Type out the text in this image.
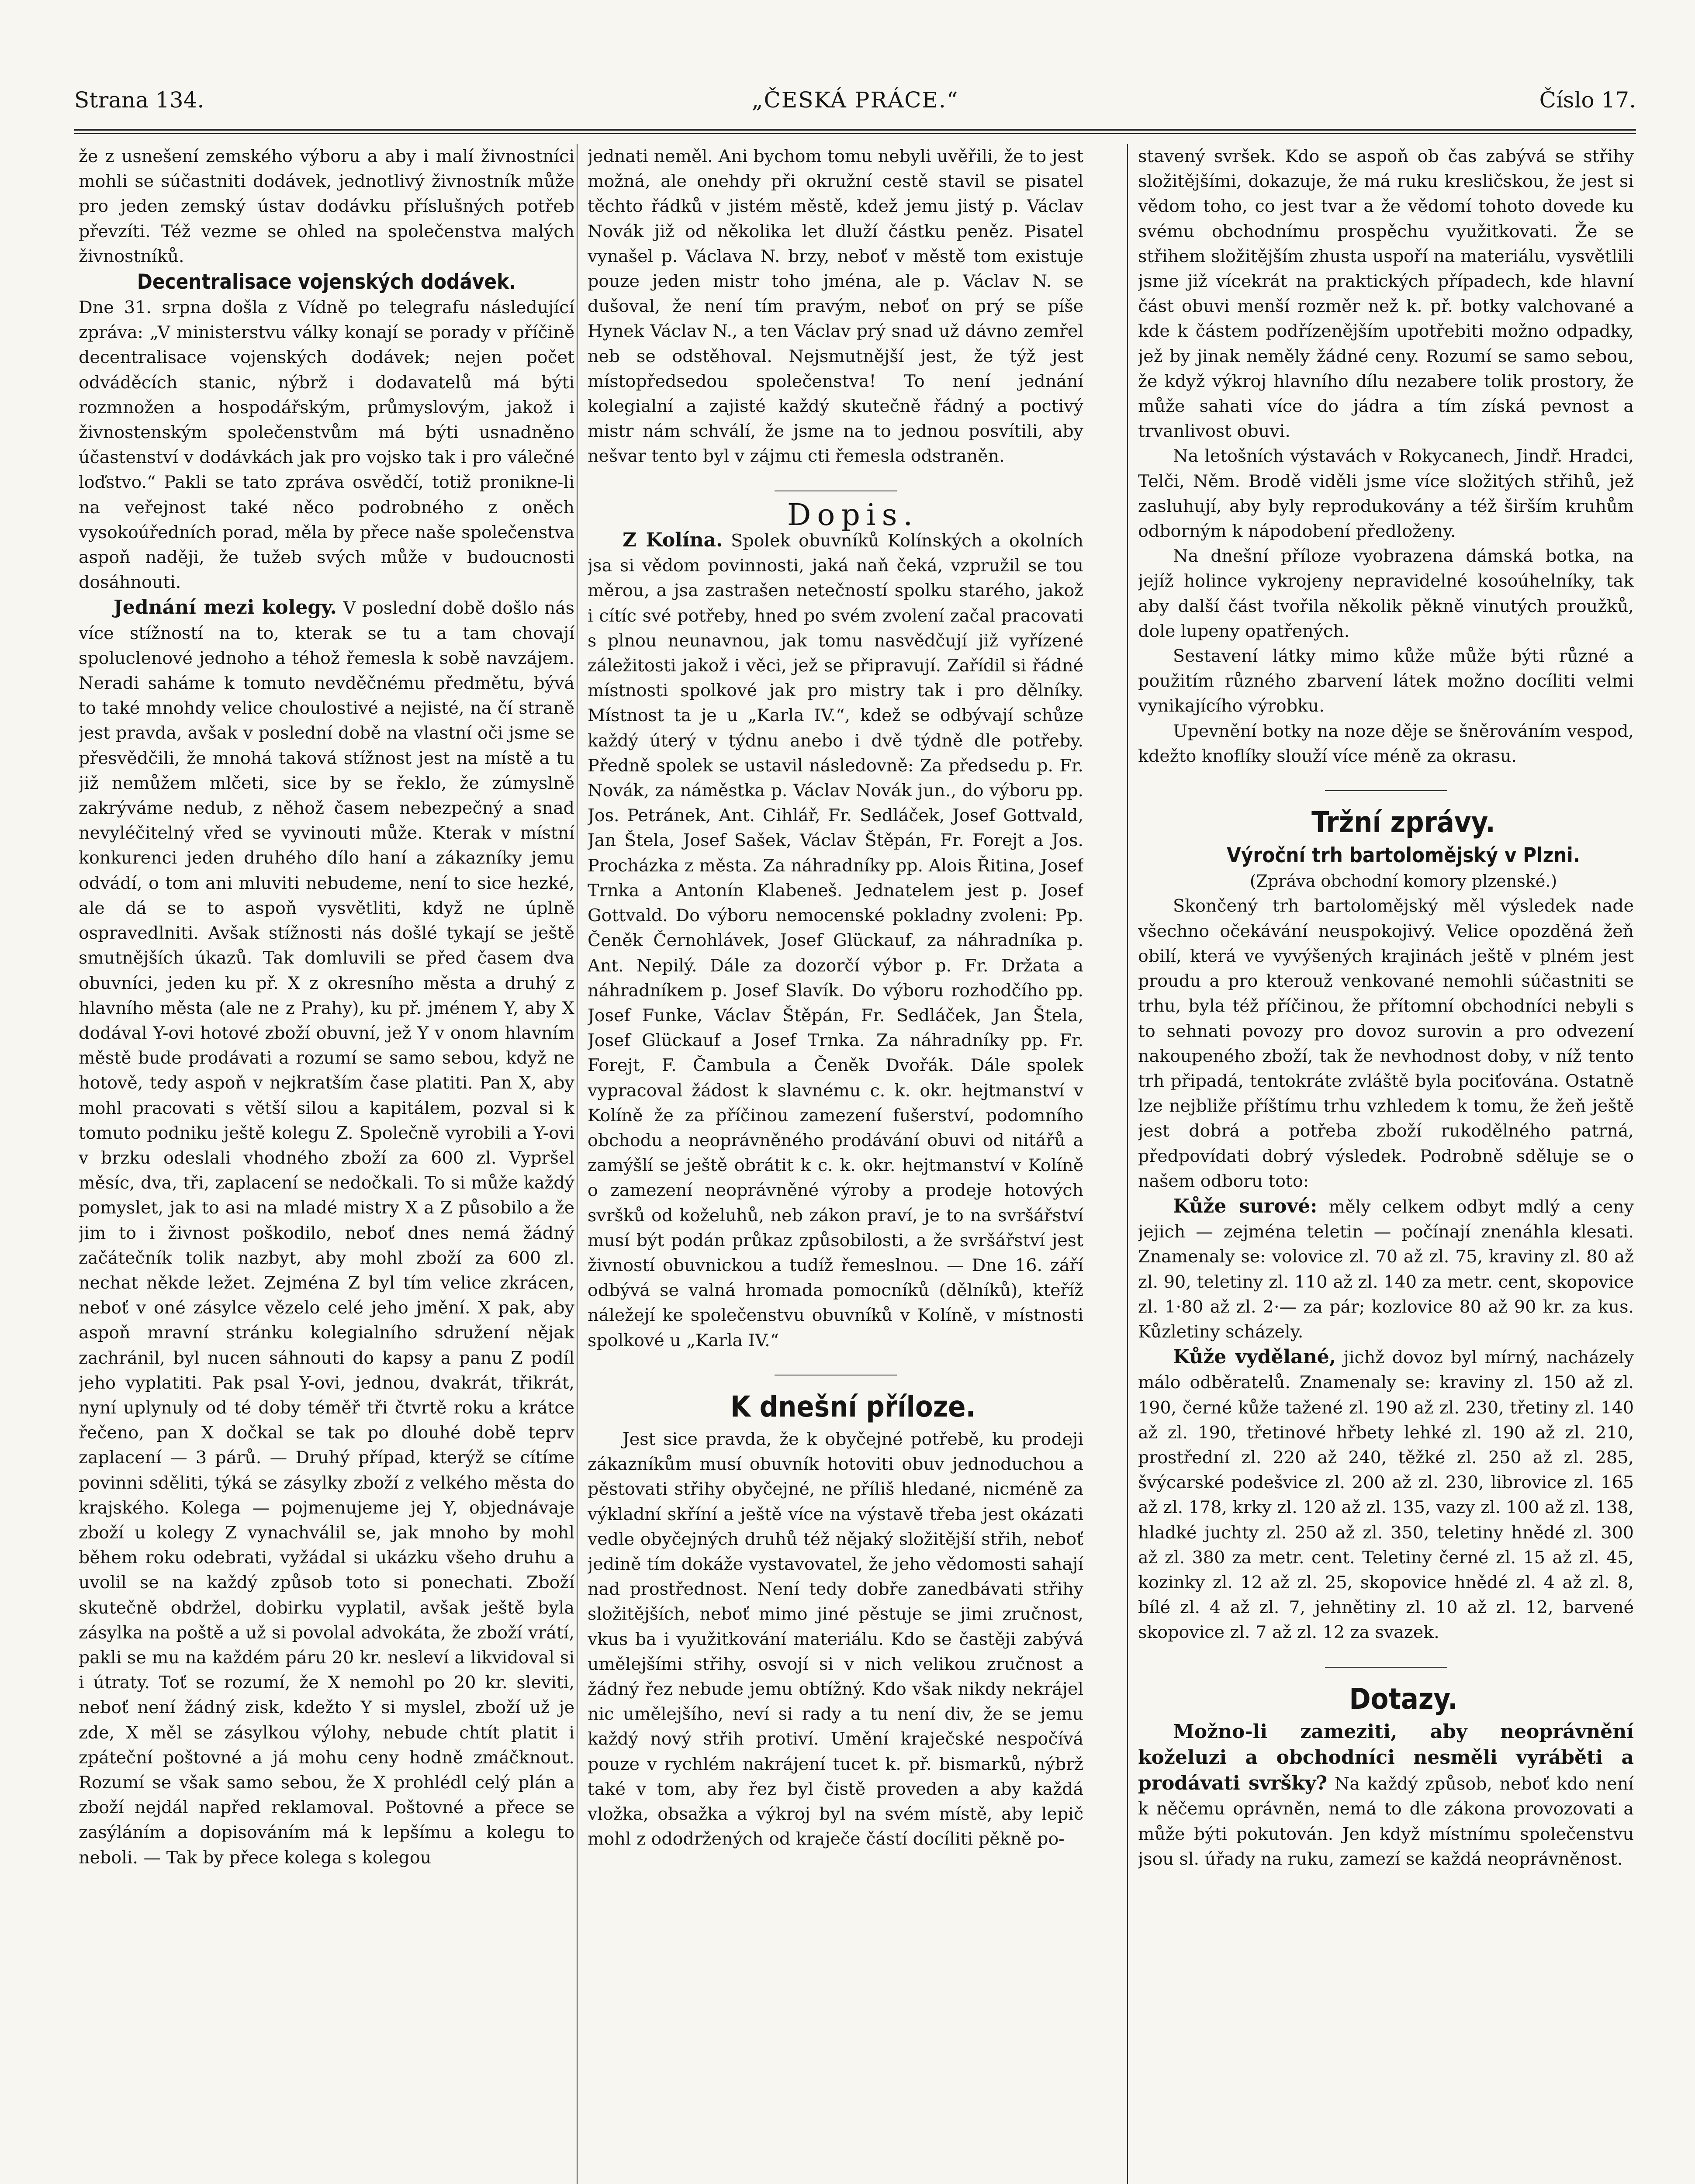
Strana 134.	„ČESKÁ PRÁCE.“	Číslo 17.

že z usnešení zemského výboru a aby i malí živnostníci mohli se súčastniti dodávek, jednotlivý živnostník může pro jeden zemský ústav dodávku příslušných potřeb převzíti. Též vezme se ohled na společenstva malých živnostníků.

Decentralisace vojenských dodávek.

Dne 31. srpna došla z Vídně po telegrafu následující zpráva: „V ministerstvu války konají se porady v příčině decentralisace vojenských dodávek; nejen počet odváděcích stanic, nýbrž i dodavatelů má býti rozmnožen a hospodářským, průmyslovým, jakož i živnostenským společenstvům má býti usnadněno účastenství v dodávkách jak pro vojsko tak i pro válečné loďstvo.“ Pakli se tato zpráva osvědčí, totiž pronikne-li na veřejnost také něco podrobného z oněch vysokoúředních porad, měla by přece naše společenstva aspoň naději, že tužeb svých může v budoucnosti dosáhnouti.

Jednání mezi kolegy. V poslední době došlo nás více stížností na to, kterak se tu a tam chovají spoluclenové jednoho a téhož řemesla k sobě navzájem. Neradi saháme k tomuto nevděčnému předmětu, bývá to také mnohdy velice choulostivé a nejisté, na čí straně jest pravda, avšak v poslední době na vlastní oči jsme se přesvědčili, že mnohá taková stížnost jest na místě a tu již nemůžem mlčeti, sice by se řeklo, že zúmyslně zakrýváme nedub, z něhož časem nebezpečný a snad nevyléčitelný vřed se vyvinouti může. Kterak v místní konkurenci jeden druhého dílo haní a zákazníky jemu odvádí, o tom ani mluviti nebudeme, není to sice hezké, ale dá se to aspoň vysvětliti, když ne úplně ospravedlniti. Avšak stížnosti nás došlé tykají se ještě smutnějších úkazů. Tak domluvili se před časem dva obuvníci, jeden ku př. X z okresního města a druhý z hlavního města (ale ne z Prahy), ku př. jménem Y, aby X dodával Y-ovi hotové zboží obuvní, jež Y v onom hlavním městě bude prodávati a rozumí se samo sebou, když ne hotově, tedy aspoň v nejkratším čase platiti. Pan X, aby mohl pracovati s větší silou a kapitálem, pozval si k tomuto podniku ještě kolegu Z. Společně vyrobili a Y-ovi v brzku odeslali vhodného zboží za 600 zl. Vypršel měsíc, dva, tři, zaplacení se nedočkali. To si může každý pomyslet, jak to asi na mladé mistry X a Z působilo a že jim to i živnost poškodilo, neboť dnes nemá žádný začátečník tolik nazbyt, aby mohl zboží za 600 zl. nechat někde ležet. Zejména Z byl tím velice zkrácen, neboť v oné zásylce vězelo celé jeho jmění. X pak, aby aspoň mravní stránku kolegialního sdružení nějak zachránil, byl nucen sáhnouti do kapsy a panu Z podíl jeho vyplatiti. Pak psal Y-ovi, jednou, dvakrát, třikrát, nyní uplynuly od té doby téměř tři čtvrtě roku a krátce řečeno, pan X dočkal se tak po dlouhé době teprv zaplacení — 3 párů. — Druhý případ, kterýž se cítíme povinni sděliti, týká se zásylky zboží z velkého města do krajského. Kolega — pojmenujeme jej Y, objednávaje zboží u kolegy Z vynachválil se, jak mnoho by mohl během roku odebrati, vyžádal si ukázku všeho druhu a uvolil se na každý způsob toto si ponechati. Zboží skutečně obdržel, dobirku vyplatil, avšak ještě byla zásylka na poště a už si povolal advokáta, že zboží vrátí, pakli se mu na každém páru 20 kr. nesleví a likvidoval si i útraty. Toť se rozumí, že X nemohl po 20 kr. sleviti, neboť není žádný zisk, kdežto Y si myslel, zboží už je zde, X měl se zásylkou výlohy, nebude chtít platit i zpáteční poštovné a já mohu ceny hodně zmáčknout. Rozumí se však samo sebou, že X prohlédl celý plán a zboží nejdál napřed reklamoval. Poštovné a přece se zasýláním a dopisováním má k lepšímu a kolegu to neboli. — Tak by přece kolega s kolegou

jednati neměl. Ani bychom tomu nebyli uvěřili, že to jest možná, ale onehdy při okružní cestě stavil se pisatel těchto řádků v jistém městě, kdež jemu jistý p. Václav Novák již od několika let dluží částku peněz. Pisatel vynašel p. Václava N. brzy, neboť v městě tom existuje pouze jeden mistr toho jména, ale p. Václav N. se dušoval, že není tím pravým, neboť on prý se píše Hynek Václav N., a ten Václav prý snad už dávno zemřel neb se odstěhoval. Nejsmutnější jest, že týž jest místopředsedou společenstva! To není jednání kolegialní a zajisté každý skutečně řádný a poctivý mistr nám schválí, že jsme na to jednou posvítili, aby nešvar tento byl v zájmu cti řemesla odstraněn.

Dopis.

Z Kolína. Spolek obuvníků Kolínských a okolních jsa si vědom povinnosti, jaká naň čeká, vzpružil se tou měrou, a jsa zastrašen netečností spolku starého, jakož i cítíc své potřeby, hned po svém zvolení začal pracovati s plnou neunavnou, jak tomu nasvědčují již vyřízené záležitosti jakož i věci, jež se připravují. Zařídil si řádné místnosti spolkové jak pro mistry tak i pro dělníky. Místnost ta je u „Karla IV.“, kdež se odbývají schůze každý úterý v týdnu anebo i dvě týdně dle potřeby. Předně spolek se ustavil následovně: Za předsedu p. Fr. Novák, za náměstka p. Václav Novák jun., do výboru pp. Jos. Petránek, Ant. Cihlář, Fr. Sedláček, Josef Gottvald, Jan Štela, Josef Sašek, Václav Štěpán, Fr. Forejt a Jos. Procházka z města. Za náhradníky pp. Alois Řitina, Josef Trnka a Antonín Klabeneš. Jednatelem jest p. Josef Gottvald. Do výboru nemocenské pokladny zvoleni: Pp. Čeněk Černohlávek, Josef Glückauf, za náhradníka p. Ant. Nepilý. Dále za dozorčí výbor p. Fr. Držata a náhradníkem p. Josef Slavík. Do výboru rozhodčího pp. Josef Funke, Václav Štěpán, Fr. Sedláček, Jan Štela, Josef Glückauf a Josef Trnka. Za náhradníky pp. Fr. Forejt, F. Čambula a Čeněk Dvořák. Dále spolek vypracoval žádost k slavnému c. k. okr. hejtmanství v Kolíně že za příčinou zamezení fušerství, podomního obchodu a neoprávněného prodávání obuvi od nitářů a zamýšlí se ještě obrátit k c. k. okr. hejtmanství v Kolíně o zamezení neoprávněné výroby a prodeje hotových svršků od koželuhů, neb zákon praví, je to na svršářství musí být podán průkaz způsobilosti, a že svršářství jest živností obuvnickou a tudíž řemeslnou. — Dne 16. září odbývá se valná hromada pomocníků (dělníků), kteříž náležejí ke společenstvu obuvníků v Kolíně, v místnosti spolkové u „Karla IV.“

K dnešní příloze.

Jest sice pravda, že k obyčejné potřebě, ku prodeji zákazníkům musí obuvník hotoviti obuv jednoduchou a pěstovati střihy obyčejné, ne příliš hledané, nicméně za výkladní skříní a ještě více na výstavě třeba jest okázati vedle obyčejných druhů též nějaký složitější střih, neboť jedině tím dokáže vystavovatel, že jeho vědomosti sahají nad prostřednost. Není tedy dobře zanedbávati střihy složitějších, neboť mimo jiné pěstuje se jimi zručnost, vkus ba i využitkování materiálu. Kdo se častěji zabývá umělejšími střihy, osvojí si v nich velikou zručnost a žádný řez nebude jemu obtížný. Kdo však nikdy nekrájel nic umělejšího, neví si rady a tu není div, že se jemu každý nový střih protiví. Umění kraječské nespočívá pouze v rychlém nakrájení tucet k. př. bismarků, nýbrž také v tom, aby řez byl čistě proveden a aby každá vložka, obsažka a výkroj byl na svém místě, aby lepič mohl z ododržených od kraječe částí docíliti pěkně po-

stavený svršek. Kdo se aspoň ob čas zabývá se střihy složitějšími, dokazuje, že má ruku kresličskou, že jest si vědom toho, co jest tvar a že vědomí tohoto dovede ku svému obchodnímu prospěchu využitkovati. Že se střihem složitějším zhusta uspoří na materiálu, vysvětlili jsme již vícekrát na praktických případech, kde hlavní část obuvi menší rozměr než k. př. botky valchované a kde k částem podřízenějším upotřebiti možno odpadky, jež by jinak neměly žádné ceny. Rozumí se samo sebou, že když výkroj hlavního dílu nezabere tolik prostory, že může sahati více do jádra a tím získá pevnost a trvanlivost obuvi.

Na letošních výstavách v Rokycanech, Jindř. Hradci, Telči, Něm. Brodě viděli jsme více složitých střihů, jež zasluhují, aby byly reprodukovány a též širším kruhům odborným k nápodobení předloženy.

Na dnešní příloze vyobrazena dámská botka, na jejíž holince vykrojeny nepravidelné kosoúhelníky, tak aby další část tvořila několik pěkně vinutých proužků, dole lupeny opatřených.

Sestavení látky mimo kůže může býti různé a použitím různého zbarvení látek možno docíliti velmi vynikajícího výrobku.

Upevnění botky na noze děje se šněrováním vespod, kdežto knoflíky slouží více méně za okrasu.

Tržní zprávy.

Výroční trh bartolomějský v Plzni.

(Zpráva obchodní komory plzenské.)

Skončený trh bartolomějský měl výsledek nade všechno očekávání neuspokojivý. Velice opozděná žeň obilí, která ve vyvýšených krajinách ještě v plném jest proudu a pro kterouž venkované nemohli súčastniti se trhu, byla též příčinou, že přítomní obchodníci nebyli s to sehnati povozy pro dovoz surovin a pro odvezení nakoupeného zboží, tak že nevhodnost doby, v níž tento trh připadá, tentokráte zvláště byla pociťována. Ostatně lze nejbliže příštímu trhu vzhledem k tomu, že žeň ještě jest dobrá a potřeba zboží rukodělného patrná, předpovídati dobrý výsledek. Podrobně sděluje se o našem odboru toto:

Kůže surové: měly celkem odbyt mdlý a ceny jejich — zejména teletin — počínají znenáhla klesati. Znamenaly se: volovice zl. 70 až zl. 75, kraviny zl. 80 až zl. 90, teletiny zl. 110 až zl. 140 za metr. cent, skopovice zl. 1·80 až zl. 2·— za pár; kozlovice 80 až 90 kr. za kus. Kůzletiny scházely.

Kůže vydělané, jichž dovoz byl mírný, nacházely málo odběratelů. Znamenaly se: kraviny zl. 150 až zl. 190, černé kůže tažené zl. 190 až zl. 230, třetiny zl. 140 až zl. 190, třetinové hřbety lehké zl. 190 až zl. 210, prostřední zl. 220 až 240, těžké zl. 250 až zl. 285, švýcarské podešvice zl. 200 až zl. 230, librovice zl. 165 až zl. 178, krky zl. 120 až zl. 135, vazy zl. 100 až zl. 138, hladké juchty zl. 250 až zl. 350, teletiny hnědé zl. 300 až zl. 380 za metr. cent. Teletiny černé zl. 15 až zl. 45, kozinky zl. 12 až zl. 25, skopovice hnědé zl. 4 až zl. 8, bílé zl. 4 až zl. 7, jehnětiny zl. 10 až zl. 12, barvené skopovice zl. 7 až zl. 12 za svazek.

Dotazy.

Možno-li zameziti, aby neoprávnění koželuzi a obchodníci nesměli vyráběti a prodávati svršky? Na každý způsob, neboť kdo není k něčemu oprávněn, nemá to dle zákona provozovati a může býti pokutován. Jen když místnímu společenstvu jsou sl. úřady na ruku, zamezí se každá neoprávněnost.
